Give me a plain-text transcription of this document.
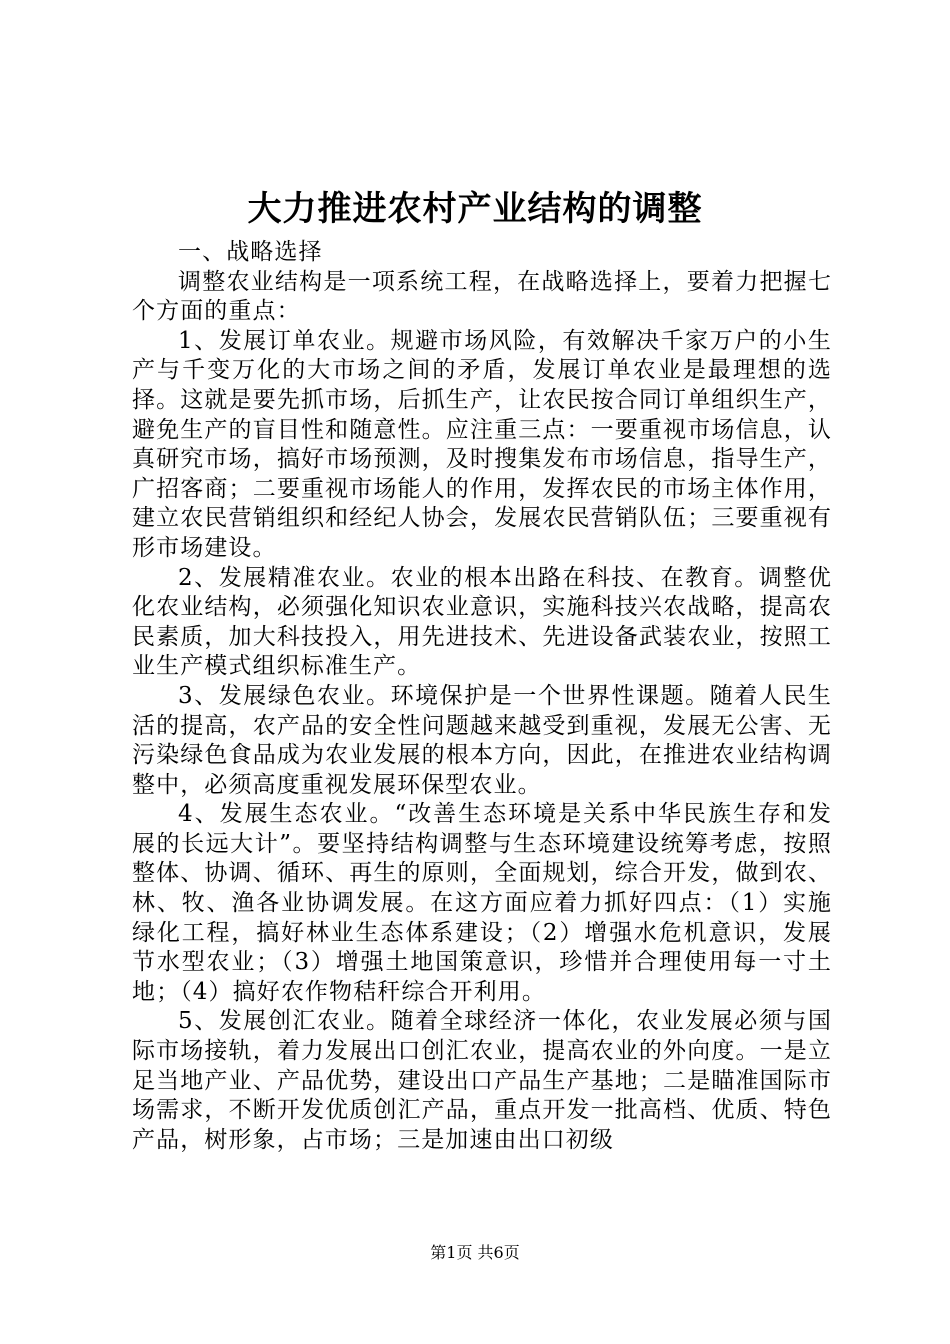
大力推进农村产业结构的调整

一、战略选择

调整农业结构是一项系统工程，在战略选择上，要着力把握七个方面的重点：

1、发展订单农业。规避市场风险，有效解决千家万户的小生产与千变万化的大市场之间的矛盾，发展订单农业是最理想的选择。这就是要先抓市场，后抓生产，让农民按合同订单组织生产，避免生产的盲目性和随意性。应注重三点：一要重视市场信息，认真研究市场，搞好市场预测，及时搜集发布市场信息，指导生产，广招客商；二要重视市场能人的作用，发挥农民的市场主体作用，建立农民营销组织和经纪人协会，发展农民营销队伍；三要重视有形市场建设。

2、发展精准农业。农业的根本出路在科技、在教育。调整优化农业结构，必须强化知识农业意识，实施科技兴农战略，提高农民素质，加大科技投入，用先进技术、先进设备武装农业，按照工业生产模式组织标准生产。

3、发展绿色农业。环境保护是一个世界性课题。随着人民生活的提高，农产品的安全性问题越来越受到重视，发展无公害、无污染绿色食品成为农业发展的根本方向，因此，在推进农业结构调整中，必须高度重视发展环保型农业。

4、发展生态农业。“改善生态环境是关系中华民族生存和发展的长远大计”。要坚持结构调整与生态环境建设统筹考虑，按照整体、协调、循环、再生的原则，全面规划，综合开发，做到农、林、牧、渔各业协调发展。在这方面应着力抓好四点：（1）实施绿化工程，搞好林业生态体系建设；（2）增强水危机意识，发展节水型农业；（3）增强土地国策意识，珍惜并合理使用每一寸土地；（4）搞好农作物秸秆综合开利用。

5、发展创汇农业。随着全球经济一体化，农业发展必须与国际市场接轨，着力发展出口创汇农业，提高农业的外向度。一是立足当地产业、产品优势，建设出口产品生产基地；二是瞄准国际市场需求，不断开发优质创汇产品，重点开发一批高档、优质、特色产品，树形象，占市场；三是加速由出口初级

第1页 共6页
